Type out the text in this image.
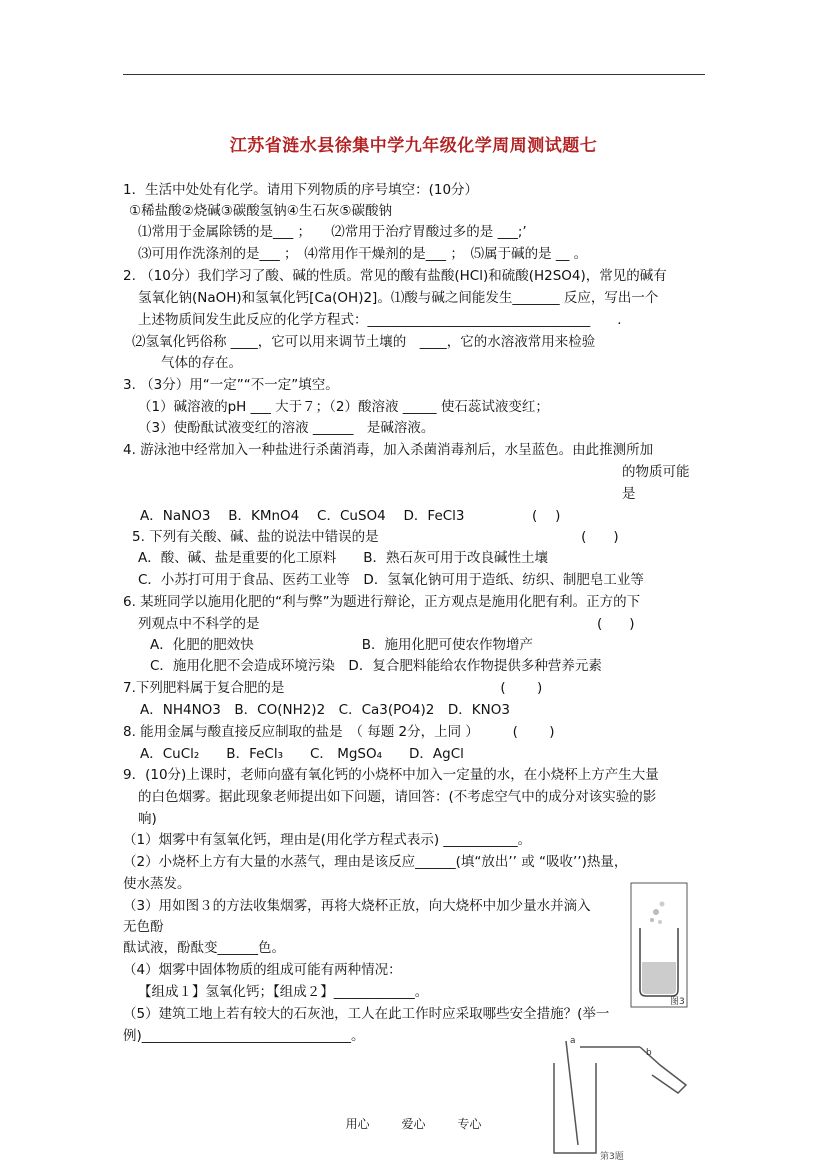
江苏省涟水县徐集中学九年级化学周周测试题七
1．生活中处处有化学。请用下列物质的序号填空：(10分）
①稀盐酸②烧碱③碳酸氢钠④生石灰⑤碳酸钠
⑴常用于金属除锈的是___ ；　　⑵常用于治疗胃酸过多的是 ___;’
⑶可用作洗涤剂的是___ ；　⑷常用作干燥剂的是___ ；　⑸属于碱的是 __ 。
2. （10分）我们学习了酸、碱的性质。常见的酸有盐酸(HCl)和硫酸(H2SO4)，常见的碱有
氢氧化钠(NaOH)和氢氧化钙[Ca(OH)2]。⑴酸与碱之间能发生_______ 反应，写出一个
上述物质间发生此反应的化学方程式：_________________________________　　.
⑵氢氧化钙俗称 ____，它可以用来调节土壤的　____，它的水溶液常用来检验
气体的存在。
3. （3分）用“一定”“不一定”填空。
（1）碱溶液的pH ___ 大于７；（2）酸溶液 _____ 使石蕊试液变红；
（3）使酚酞试液变红的溶液 ______　是碱溶液。
4. 游泳池中经常加入一种盐进行杀菌消毒，加入杀菌消毒剂后，水呈蓝色。由此推测所加
的物质可能
是
A．NaNO3　 B．KMnO4　 C．CuSO4　 D．FeCl3　　　　　(　 )
5. 下列有关酸、碱、盐的说法中错误的是　　　　　　　　　　　　　　　(　　)
A．酸、碱、盐是重要的化工原料　　B．熟石灰可用于改良碱性土壤
C．小苏打可用于食品、医药工业等　D．氢氧化钠可用于造纸、纺织、制肥皂工业等
6. 某班同学以施用化肥的“利与弊”为题进行辩论，正方观点是施用化肥有利。正方的下
列观点中不科学的是　　　　　　　　　　　　　　　　　　　　　　　　　(　　)
A．化肥的肥效快　　　　　　　　B．施用化肥可使农作物增产
C．施用化肥不会造成环境污染　D．复合肥料能给农作物提供多种营养元素
7.下列肥料属于复合肥的是　　　　　　　　　　　　　　　　(　　 )
A．NH4NO3　B．CO(NH2)2　C．Ca3(PO4)2　D．KNO3
8. 能用金属与酸直接反应制取的盐是　（ 每题 2分，上同 ）　　　(　　 )
A．CuCl₂　　B．FeCl₃　　C． MgSO₄　　D．AgCl
9．(10分)上课时，老师向盛有氧化钙的小烧杯中加入一定量的水，在小烧杯上方产生大量
的白色烟雾。据此现象老师提出如下问题，请回答：(不考虑空气中的成分对该实验的影
响)
（1）烟雾中有氢氧化钙，理由是(用化学方程式表示) ___________。
（2）小烧杯上方有大量的水蒸气，理由是该反应______(填“放出’’ 或 “吸收’’)热量，
使水蒸发。
（3）用如图３的方法收集烟雾，再将大烧杯正放，向大烧杯中加少量水并滴入
无色酚
酞试液，酚酞变______色。
（4）烟雾中固体物质的组成可能有两种情况：
【组成１】氢氧化钙；【组成２】____________。
（5）建筑工地上若有较大的石灰池，工人在此工作时应采取哪些安全措施？(举一
例)_______________________________。
图3
a
b
第3题
用心	爱心	专心
